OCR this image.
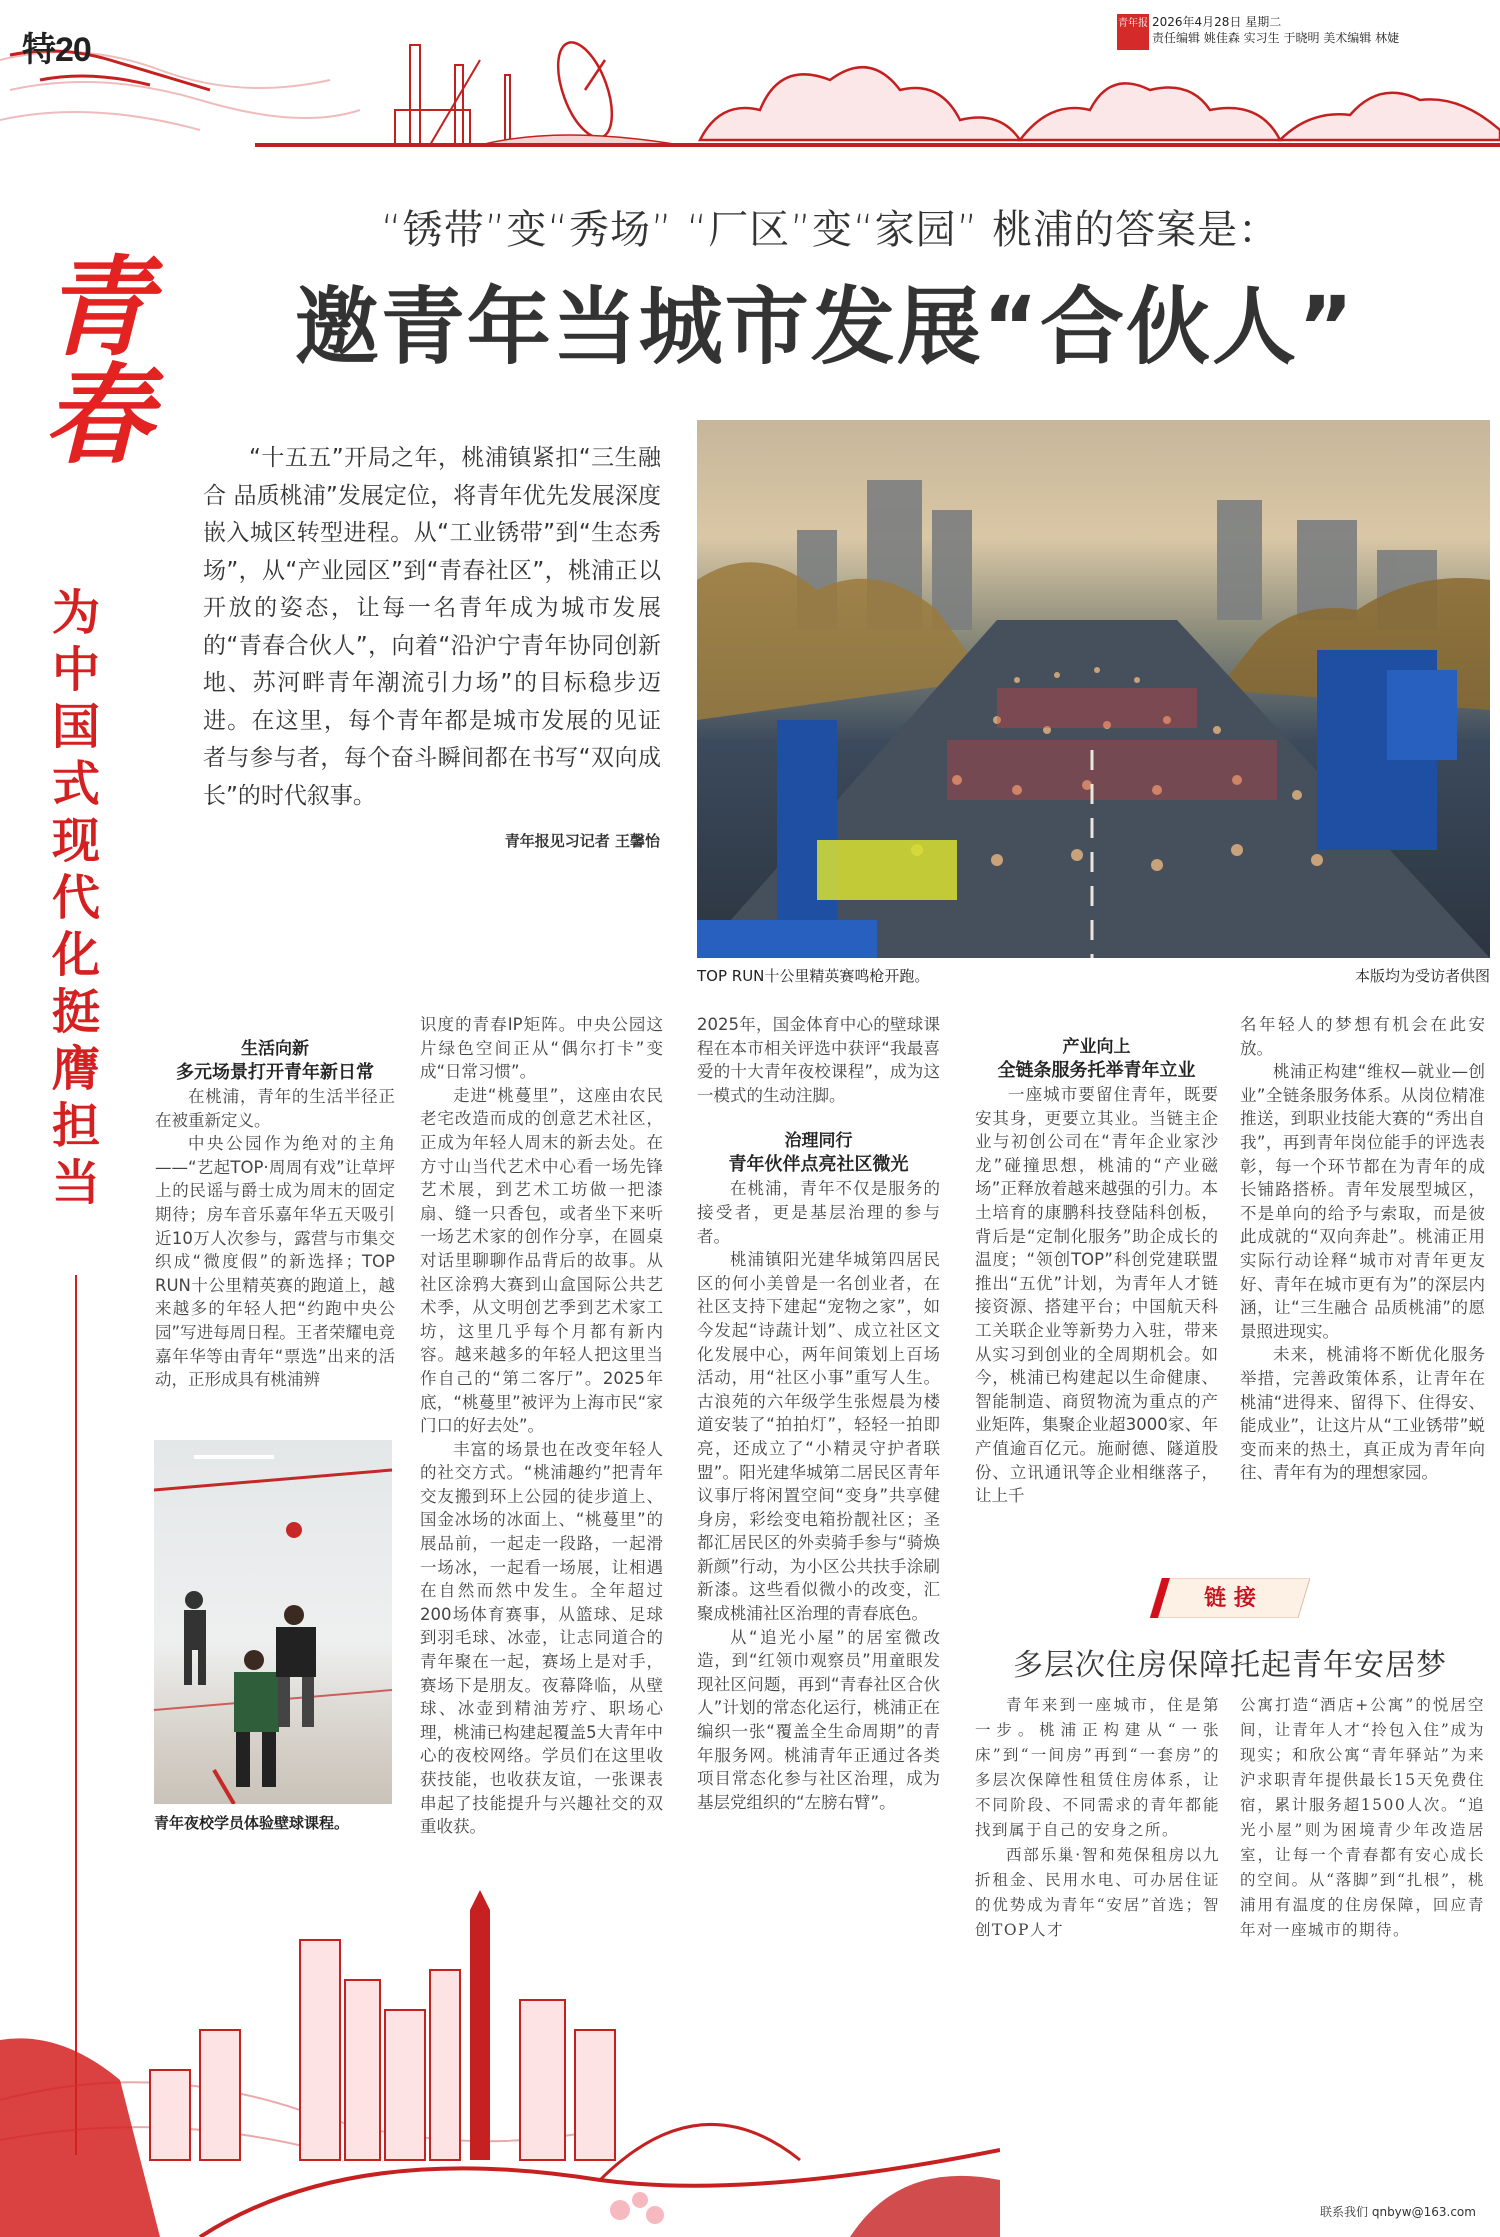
特20
青年报 2026年4月28日 星期二
责任编辑 姚佳森 实习生 于晓明 美术编辑 林婕
“锈带”变“秀场” “厂区”变“家园” 桃浦的答案是：
邀青年当城市发展“合伙人”
青春
为
中
国
式
现
代
化
挺
膺
担
当

“十五五”开局之年，桃浦镇紧扣“三生融合 品质桃浦”发展定位，将青年优先发展深度嵌入城区转型进程。从“工业锈带”到“生态秀场”，从“产业园区”到“青春社区”，桃浦正以开放的姿态，让每一名青年成为城市发展的“青春合伙人”，向着“沿沪宁青年协同创新地、苏河畔青年潮流引力场”的目标稳步迈进。在这里，每个青年都是城市发展的见证者与参与者，每个奋斗瞬间都在书写“双向成长”的时代叙事。

青年报见习记者 王馨怡
TOP RUN十公里精英赛鸣枪开跑。	本版均为受访者供图
生活向新
多元场景打开青年新日常

在桃浦，青年的生活半径正在被重新定义。

中央公园作为绝对的主角——“艺起TOP·周周有戏”让草坪上的民谣与爵士成为周末的固定期待；房车音乐嘉年华五天吸引近10万人次参与，露营与市集交织成“微度假”的新选择；TOP RUN十公里精英赛的跑道上，越来越多的年轻人把“约跑中央公园”写进每周日程。王者荣耀电竞嘉年华等由青年“票选”出来的活动，正形成具有桃浦辨

青年夜校学员体验壁球课程。

识度的青春IP矩阵。中央公园这片绿色空间正从“偶尔打卡”变成“日常习惯”。

走进“桃蔓里”，这座由农民老宅改造而成的创意艺术社区，正成为年轻人周末的新去处。在方寸山当代艺术中心看一场先锋艺术展，到艺术工坊做一把漆扇、缝一只香包，或者坐下来听一场艺术家的创作分享，在圆桌对话里聊聊作品背后的故事。从社区涂鸦大赛到山盒国际公共艺术季，从文明创艺季到艺术家工坊，这里几乎每个月都有新内容。越来越多的年轻人把这里当作自己的“第二客厅”。2025年底，“桃蔓里”被评为上海市民“家门口的好去处”。

丰富的场景也在改变年轻人的社交方式。“桃浦趣约”把青年交友搬到环上公园的徒步道上、国金冰场的冰面上、“桃蔓里”的展品前，一起走一段路，一起滑一场冰，一起看一场展，让相遇在自然而然中发生。全年超过200场体育赛事，从篮球、足球到羽毛球、冰壶，让志同道合的青年聚在一起，赛场上是对手，赛场下是朋友。夜幕降临，从壁球、冰壶到精油芳疗、职场心理，桃浦已构建起覆盖5大青年中心的夜校网络。学员们在这里收获技能，也收获友谊，一张课表串起了技能提升与兴趣社交的双重收获。

2025年，国金体育中心的壁球课程在本市相关评选中获评“我最喜爱的十大青年夜校课程”，成为这一模式的生动注脚。

治理同行
青年伙伴点亮社区微光

在桃浦，青年不仅是服务的接受者，更是基层治理的参与者。

桃浦镇阳光建华城第四居民区的何小美曾是一名创业者，在社区支持下建起“宠物之家”，如今发起“诗蔬计划”、成立社区文化发展中心，两年间策划上百场活动，用“社区小事”重写人生。古浪苑的六年级学生张煜晨为楼道安装了“拍拍灯”，轻轻一拍即亮，还成立了“小精灵守护者联盟”。阳光建华城第二居民区青年议事厅将闲置空间“变身”共享健身房，彩绘变电箱扮靓社区；圣都汇居民区的外卖骑手参与“骑焕新颜”行动，为小区公共扶手涂刷新漆。这些看似微小的改变，汇聚成桃浦社区治理的青春底色。

从“追光小屋”的居室微改造，到“红领巾观察员”用童眼发现社区问题，再到“青春社区合伙人”计划的常态化运行，桃浦正在编织一张“覆盖全生命周期”的青年服务网。桃浦青年正通过各类项目常态化参与社区治理，成为基层党组织的“左膀右臂”。

产业向上
全链条服务托举青年立业

一座城市要留住青年，既要安其身，更要立其业。当链主企业与初创公司在“青年企业家沙龙”碰撞思想，桃浦的“产业磁场”正释放着越来越强的引力。本土培育的康鹏科技登陆科创板，背后是“定制化服务”助企成长的温度；“领创TOP”科创党建联盟推出“五优”计划，为青年人才链接资源、搭建平台；中国航天科工关联企业等新势力入驻，带来从实习到创业的全周期机会。如今，桃浦已构建起以生命健康、智能制造、商贸物流为重点的产业矩阵，集聚企业超3000家、年产值逾百亿元。施耐德、隧道股份、立讯通讯等企业相继落子，让上千

名年轻人的梦想有机会在此安放。

桃浦正构建“维权—就业—创业”全链条服务体系。从岗位精准推送，到职业技能大赛的“秀出自我”，再到青年岗位能手的评选表彰，每一个环节都在为青年的成长铺路搭桥。青年发展型城区，不是单向的给予与索取，而是彼此成就的“双向奔赴”。桃浦正用实际行动诠释“城市对青年更友好、青年在城市更有为”的深层内涵，让“三生融合 品质桃浦”的愿景照进现实。

未来，桃浦将不断优化服务举措，完善政策体系，让青年在桃浦“进得来、留得下、住得安、能成业”，让这片从“工业锈带”蜕变而来的热土，真正成为青年向往、青年有为的理想家园。

链 接
多层次住房保障托起青年安居梦

青年来到一座城市，住是第一步。桃浦正构建从“一张床”到“一间房”再到“一套房”的多层次保障性租赁住房体系，让不同阶段、不同需求的青年都能找到属于自己的安身之所。

西部乐巢·智和苑保租房以九折租金、民用水电、可办居住证的优势成为青年“安居”首选；智创TOP人才

公寓打造“酒店+公寓”的悦居空间，让青年人才“拎包入住”成为现实；和欣公寓“青年驿站”为来沪求职青年提供最长15天免费住宿，累计服务超1500人次。“追光小屋”则为困境青少年改造居室，让每一个青春都有安心成长的空间。从“落脚”到“扎根”，桃浦用有温度的住房保障，回应青年对一座城市的期待。

联系我们 qnbyw@163.com
